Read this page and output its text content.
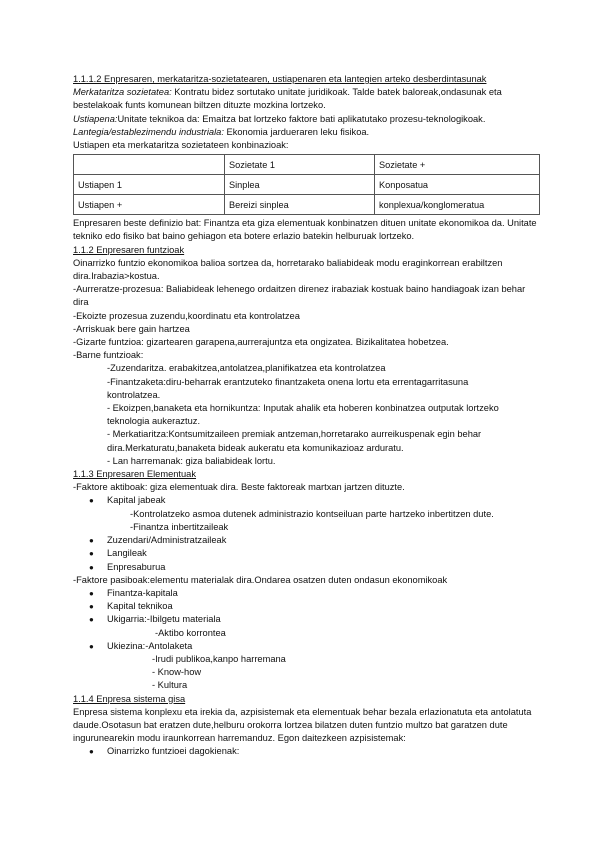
1.1.1.2 Enpresaren, merkataritza-sozietatearen, ustiapenaren eta lantegien arteko desberdintasunak
Merkataritza sozietatea: Kontratu bidez sortutako unitate juridikoak. Talde batek baloreak,ondasunak eta bestelakoak funts komunean biltzen dituzte mozkina lortzeko.
Ustiapena:Unitate teknikoa da: Emaitza bat lortzeko faktore bati aplikatutako prozesu-teknologikoak.
Lantegia/establezimendu industriala: Ekonomia jardueraren leku fisikoa.
Ustiapen eta merkataritza sozietateen konbinazioak:
	Sozietate 1	Sozietate +
Ustiapen 1	Sinplea	Konposatua
Ustiapen +	Bereizi sinplea	konplexua/konglomeratua
Enpresaren beste definizio bat: Finantza eta giza elementuak konbinatzen dituen unitate ekonomikoa da. Unitate tekniko edo fisiko bat baino gehiagon eta botere erlazio batekin helburuak lortzeko.
1.1.2 Enpresaren funtzioak
Oinarrizko funtzio ekonomikoa balioa sortzea da, horretarako baliabideak modu eraginkorrean erabiltzen dira.Irabazia>kostua.
-Aurreratze-prozesua: Baliabideak lehenego ordaitzen direnez irabaziak kostuak baino handiagoak izan behar dira
-Ekoizte prozesua zuzendu,koordinatu eta kontrolatzea
-Arriskuak bere gain hartzea
-Gizarte funtzioa: gizartearen garapena,aurrerajuntza eta ongizatea. Bizikalitatea hobetzea.
-Barne funtzioak:
-Zuzendaritza. erabakitzea,antolatzea,planifikatzea eta kontrolatzea
-Finantzaketa:diru-beharrak erantzuteko finantzaketa onena lortu eta errentagarritasuna kontrolatzea.
- Ekoizpen,banaketa eta hornikuntza: Inputak ahalik eta hoberen konbinatzea outputak lortzeko teknologia aukeraztuz.
- Merkatiaritza:Kontsumitzaileen premiak antzeman,horretarako aurreikuspenak egin behar dira.Merkaturatu,banaketa bideak aukeratu eta komunikazioaz arduratu.
- Lan harremanak: giza baliabideak lortu.
1.1.3 Enpresaren Elementuak
-Faktore aktiboak: giza elementuak dira. Beste faktoreak martxan jartzen dituzte.
●	Kapital jabeak
-Kontrolatzeko asmoa dutenek administrazio kontseiluan parte hartzeko inbertitzen dute.
-Finantza inbertitzaileak
●	Zuzendari/Administratzaileak
●	Langileak
●	Enpresaburua
-Faktore pasiboak:elementu materialak dira.Ondarea osatzen duten ondasun ekonomikoak
●	Finantza-kapitala
●	Kapital teknikoa
●	Ukigarria:-Ibilgetu materiala
-Aktibo korrontea
●	Ukiezina:-Antolaketa
-Irudi publikoa,kanpo harremana
- Know-how
- Kultura
1.1.4 Enpresa sistema gisa
Enpresa sistema konplexu eta irekia da, azpisistemak eta elementuak behar bezala erlazionatuta eta antolatuta daude.Osotasun bat eratzen dute,helburu orokorra lortzea bilatzen duten funtzio multzo bat garatzen dute ingurunearekin modu iraunkorrean harremanduz. Egon daitezkeen azpisistemak:
●	Oinarrizko funtzioei dagokienak:
